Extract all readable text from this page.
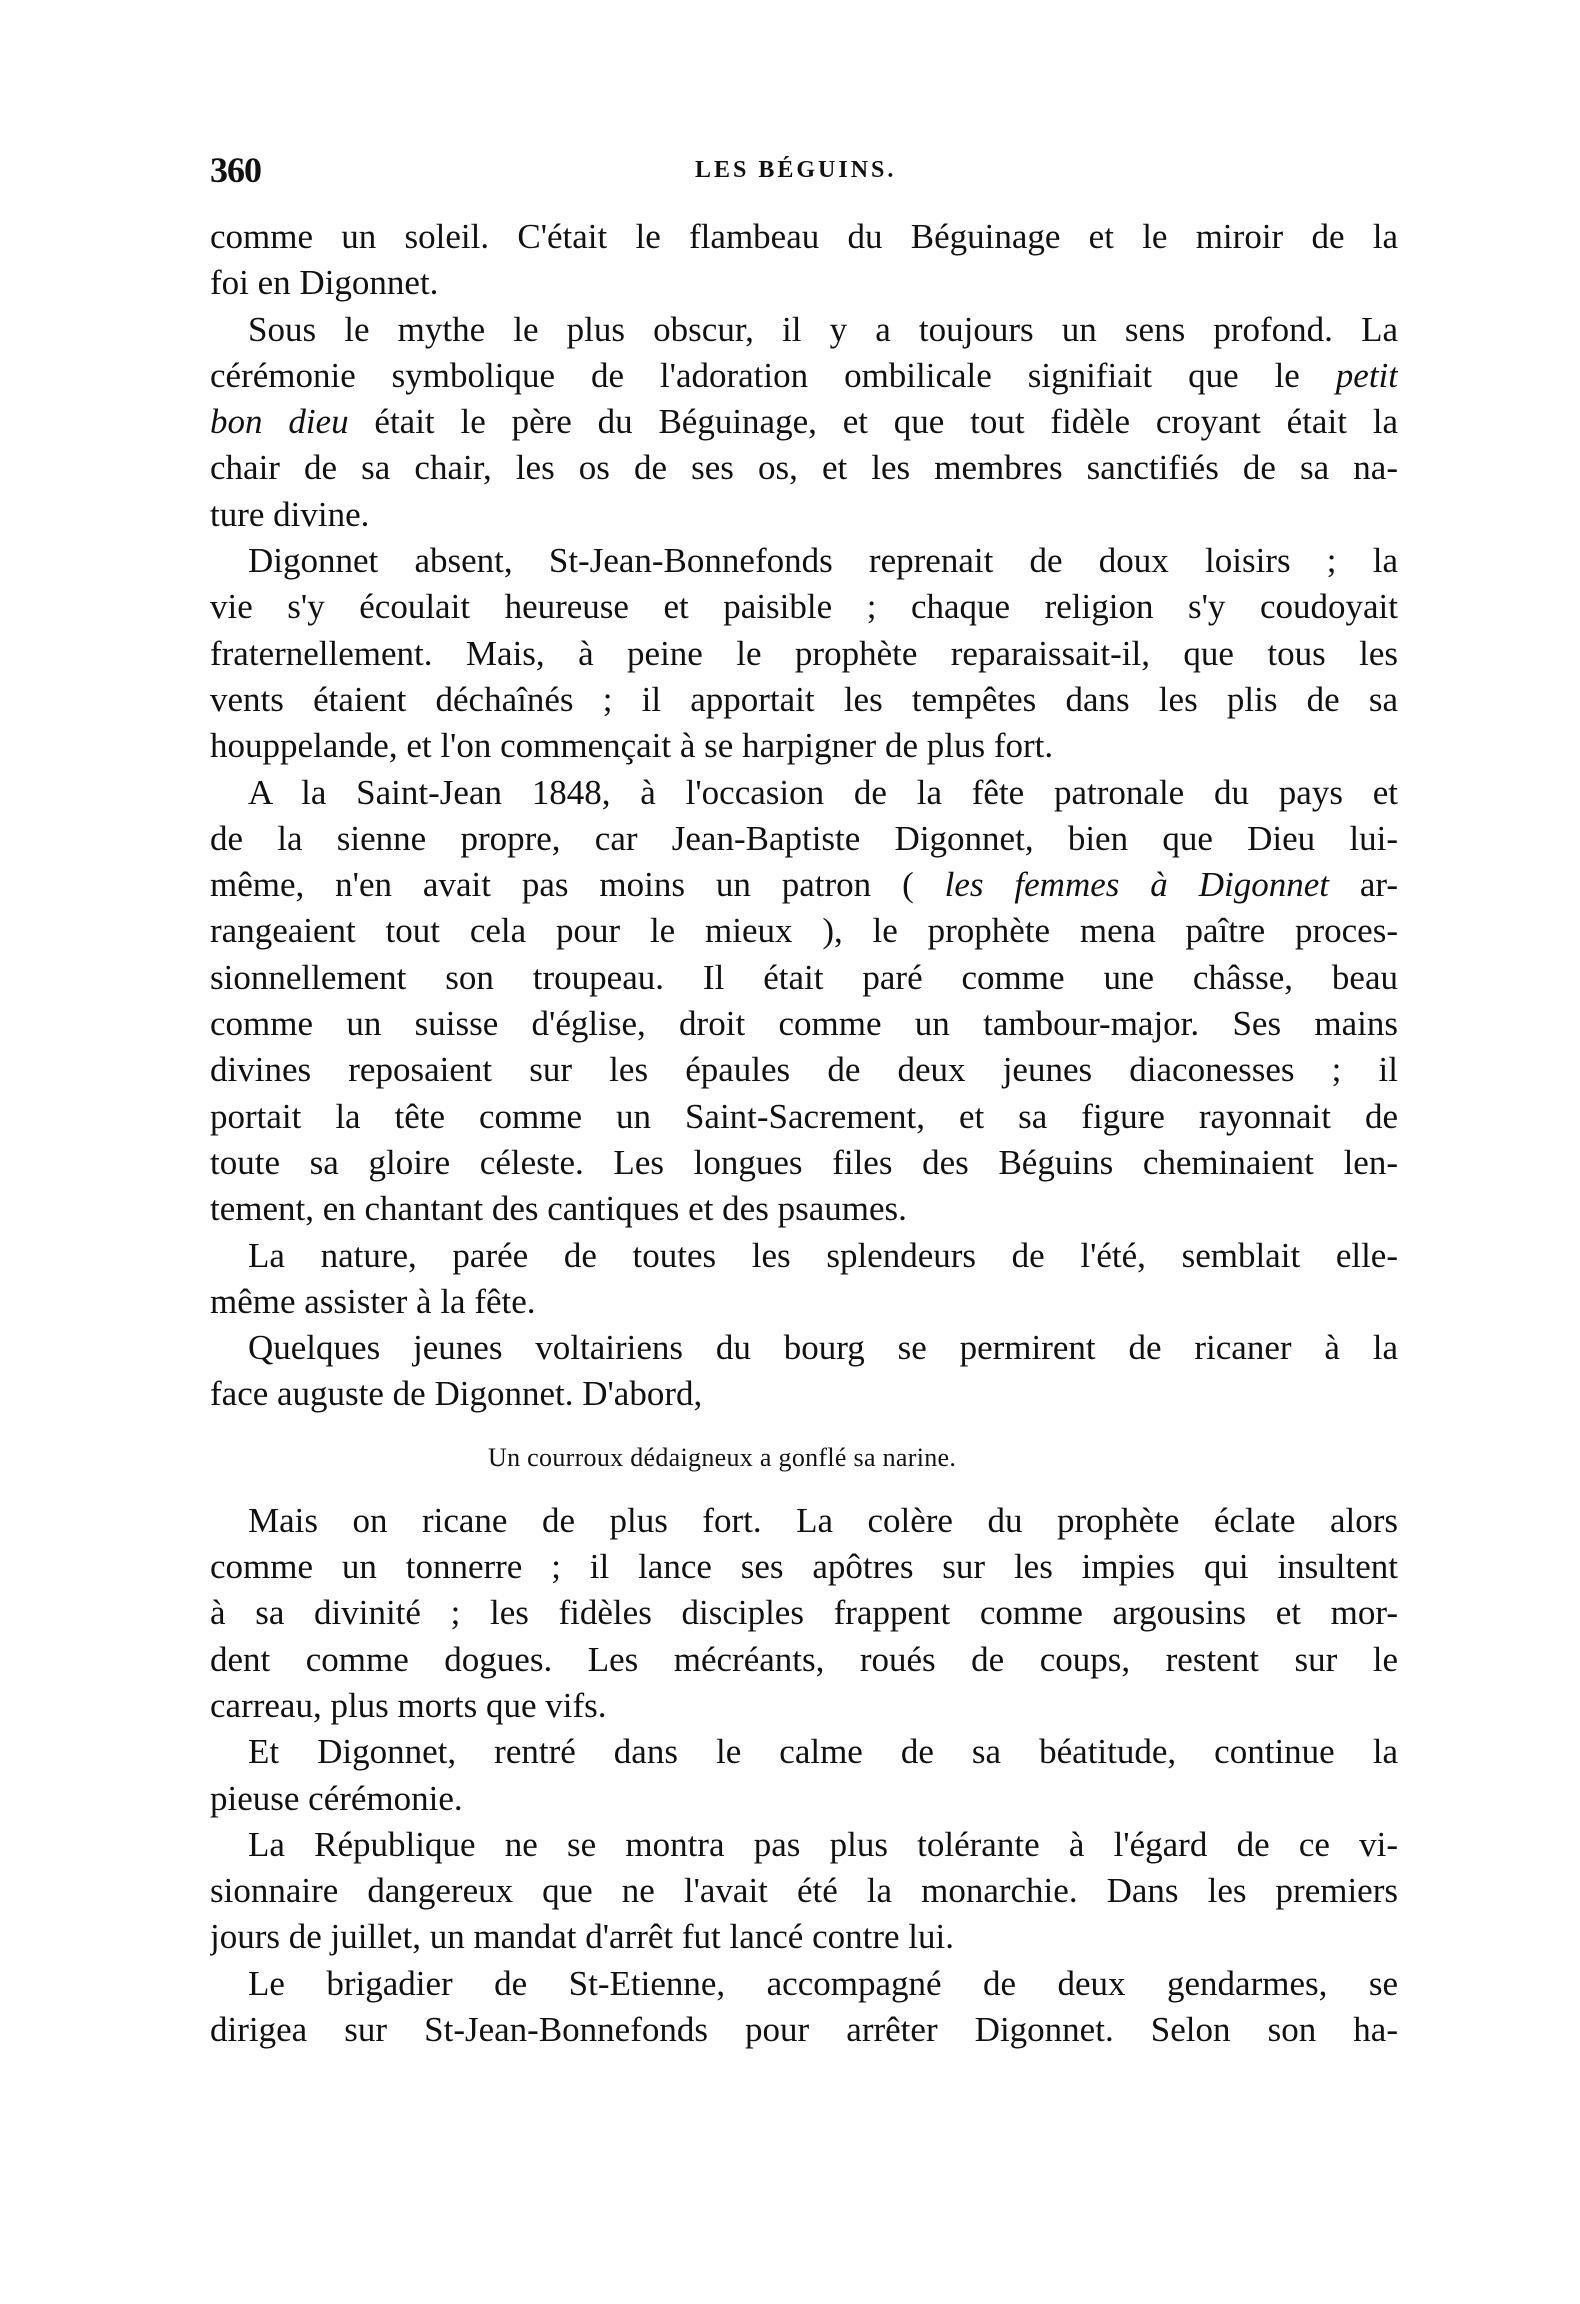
360	LES BÉGUINS.
comme un soleil. C'était le flambeau du Béguinage et le miroir de la
foi en Digonnet.
Sous le mythe le plus obscur, il y a toujours un sens profond. La
cérémonie symbolique de l'adoration ombilicale signifiait que le petit
bon dieu était le père du Béguinage, et que tout fidèle croyant était la
chair de sa chair, les os de ses os, et les membres sanctifiés de sa na-
ture divine.
Digonnet absent, St-Jean-Bonnefonds reprenait de doux loisirs ; la
vie s'y écoulait heureuse et paisible ; chaque religion s'y coudoyait
fraternellement. Mais, à peine le prophète reparaissait-il, que tous les
vents étaient déchaînés ; il apportait les tempêtes dans les plis de sa
houppelande, et l'on commençait à se harpigner de plus fort.
A la Saint-Jean 1848, à l'occasion de la fête patronale du pays et
de la sienne propre, car Jean-Baptiste Digonnet, bien que Dieu lui-
même, n'en avait pas moins un patron ( les femmes à Digonnet ar-
rangeaient tout cela pour le mieux ), le prophète mena paître proces-
sionnellement son troupeau. Il était paré comme une châsse, beau
comme un suisse d'église, droit comme un tambour-major. Ses mains
divines reposaient sur les épaules de deux jeunes diaconesses ; il
portait la tête comme un Saint-Sacrement, et sa figure rayonnait de
toute sa gloire céleste. Les longues files des Béguins cheminaient len-
tement, en chantant des cantiques et des psaumes.
La nature, parée de toutes les splendeurs de l'été, semblait elle-
même assister à la fête.
Quelques jeunes voltairiens du bourg se permirent de ricaner à la
face auguste de Digonnet. D'abord,
Un courroux dédaigneux a gonflé sa narine.
Mais on ricane de plus fort. La colère du prophète éclate alors
comme un tonnerre ; il lance ses apôtres sur les impies qui insultent
à sa divinité ; les fidèles disciples frappent comme argousins et mor-
dent comme dogues. Les mécréants, roués de coups, restent sur le
carreau, plus morts que vifs.
Et Digonnet, rentré dans le calme de sa béatitude, continue la
pieuse cérémonie.
La République ne se montra pas plus tolérante à l'égard de ce vi-
sionnaire dangereux que ne l'avait été la monarchie. Dans les premiers
jours de juillet, un mandat d'arrêt fut lancé contre lui.
Le brigadier de St-Etienne, accompagné de deux gendarmes, se
dirigea sur St-Jean-Bonnefonds pour arrêter Digonnet. Selon son ha-
